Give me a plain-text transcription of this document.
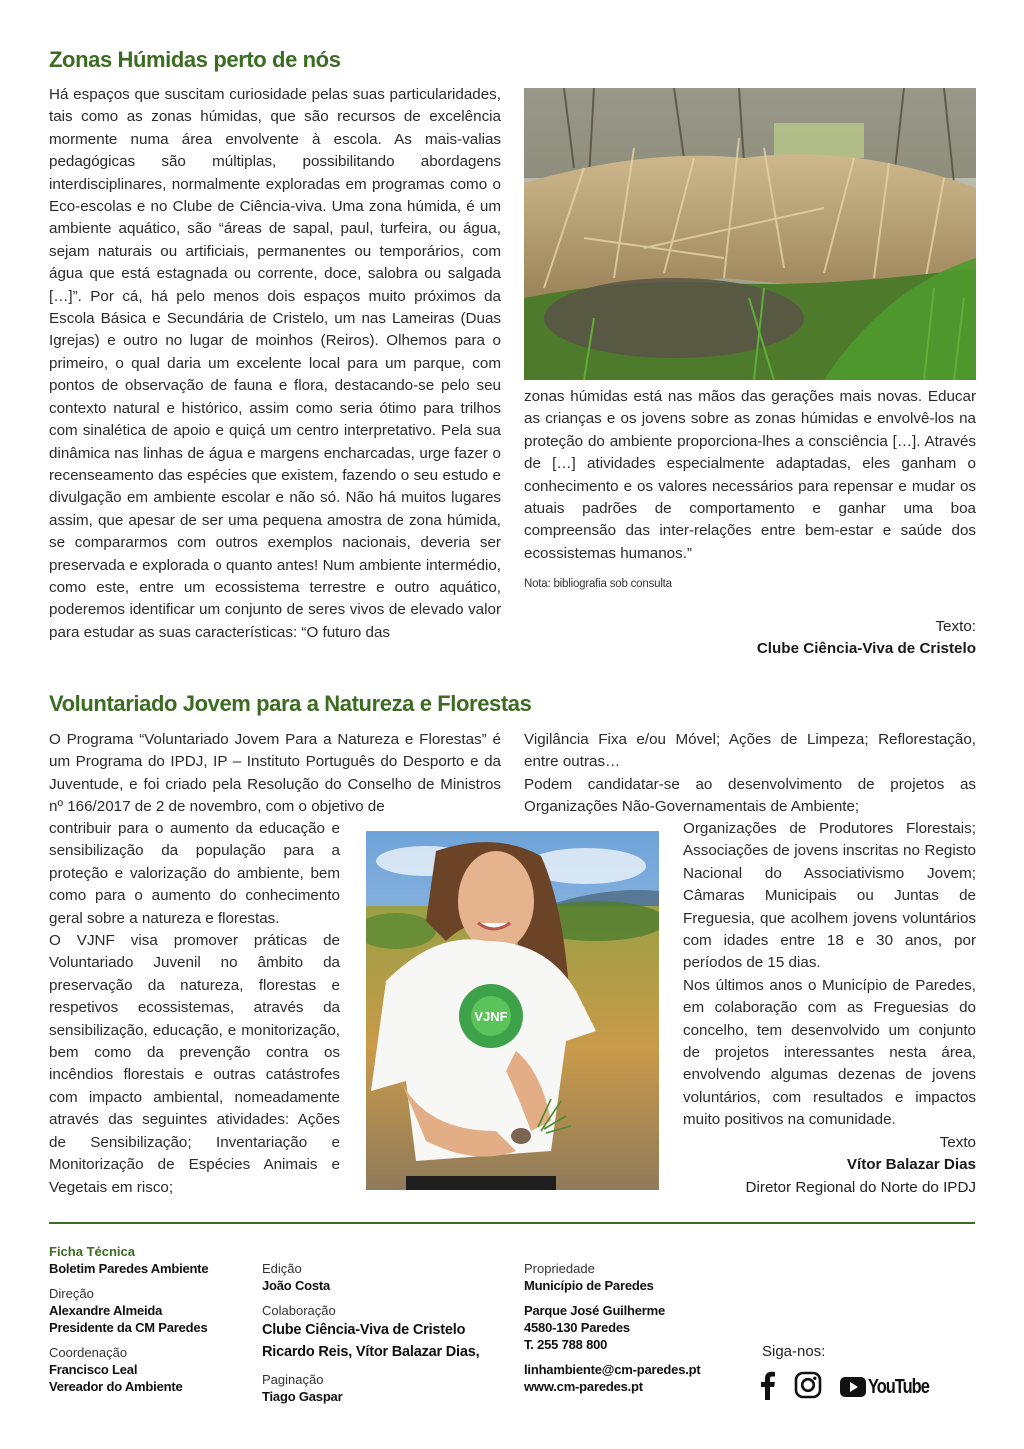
Zonas Húmidas perto de nós

Há espaços que suscitam curiosidade pelas suas particularidades, tais como as zonas húmidas, que são recursos de excelência mormente numa área envolvente à escola. As mais-valias pedagógicas são múltiplas, possibilitando abordagens interdisciplinares, normalmente exploradas em programas como o Eco-escolas e no Clube de Ciência-viva. Uma zona húmida, é um ambiente aquático, são “áreas de sapal, paul, turfeira, ou água, sejam naturais ou artificiais, permanentes ou temporários, com água que está estagnada ou corrente, doce, salobra ou salgada […]”. Por cá, há pelo menos dois espaços muito próximos da Escola Básica e Secundária de Cristelo, um nas Lameiras (Duas Igrejas) e outro no lugar de moinhos (Reiros). Olhemos para o primeiro, o qual daria um excelente local para um parque, com pontos de observação de fauna e flora, destacando-se pelo seu contexto natural e histórico, assim como seria ótimo para trilhos com sinalética de apoio e quiçá um centro interpretativo. Pela sua dinâmica nas linhas de água e margens encharcadas, urge fazer o recenseamento das espécies que existem, fazendo o seu estudo e divulgação em ambiente escolar e não só. Não há muitos lugares assim, que apesar de ser uma pequena amostra de zona húmida, se compararmos com outros exemplos nacionais, deveria ser preservada e explorada o quanto antes! Num ambiente intermédio, como este, entre um ecossistema terrestre e outro aquático, poderemos identificar um conjunto de seres vivos de elevado valor para estudar as suas características: “O futuro das

zonas húmidas está nas mãos das gerações mais novas. Educar as crianças e os jovens sobre as zonas húmidas e envolvê-los na proteção do ambiente proporciona-lhes a consciência […]. Através de […] atividades especialmente adaptadas, eles ganham o conhecimento e os valores necessários para repensar e mudar os atuais padrões de comportamento e ganhar uma boa compreensão das inter-relações entre bem-estar e saúde dos ecossistemas humanos.”

Nota: bibliografia sob consulta
Texto:
Clube Ciência-Viva de Cristelo
Voluntariado Jovem para a Natureza e Florestas

O Programa “Voluntariado Jovem Para a Natureza e Florestas” é um Programa do IPDJ, IP – Instituto Português do Desporto e da Juventude, e foi criado pela Resolução do Conselho de Ministros nº 166/2017 de 2 de novembro, com o objetivo de

contribuir para o aumento da educação e sensibilização da população para a proteção e valorização do ambiente, bem como para o aumento do conhecimento geral sobre a natureza e florestas.

O VJNF visa promover práticas de Voluntariado Juvenil no âmbito da preservação da natureza, florestas e respetivos ecossistemas, através da sensibilização, educação, e monitorização, bem como da prevenção contra os incêndios florestais e outras catástrofes com impacto ambiental, nomeadamente através das seguintes atividades: Ações de Sensibilização; Inventariação e Monitorização de Espécies Animais e Vegetais em risco;

VJNF

Vigilância Fixa e/ou Móvel; Ações de Limpeza; Reflorestação, entre outras…

Podem candidatar-se ao desenvolvimento de projetos as Organizações Não-Governamentais de Ambiente;

Organizações de Produtores Florestais; Associações de jovens inscritas no Registo Nacional do Associativismo Jovem; Câmaras Municipais ou Juntas de Freguesia, que acolhem jovens voluntários com idades entre 18 e 30 anos, por períodos de 15 dias.

Nos últimos anos o Município de Paredes, em colaboração com as Freguesias do concelho, tem desenvolvido um conjunto de projetos interessantes nesta área, envolvendo algumas dezenas de jovens voluntários, com resultados e impactos muito positivos na comunidade.

Texto
Vítor Balazar Dias
Diretor Regional do Norte do IPDJ
Ficha Técnica
Boletim Paredes Ambiente
Direção
Alexandre Almeida
Presidente da CM Paredes
Coordenação
Francisco Leal
Vereador do Ambiente
Edição
João Costa
Colaboração
Clube Ciência-Viva de Cristelo
Ricardo Reis, Vítor Balazar Dias,
Paginação
Tiago Gaspar
Propriedade
Município de Paredes
Parque José Guilherme
4580-130 Paredes
T. 255 788 800
linhambiente@cm-paredes.pt
www.cm-paredes.pt
Siga-nos:
YouTube
